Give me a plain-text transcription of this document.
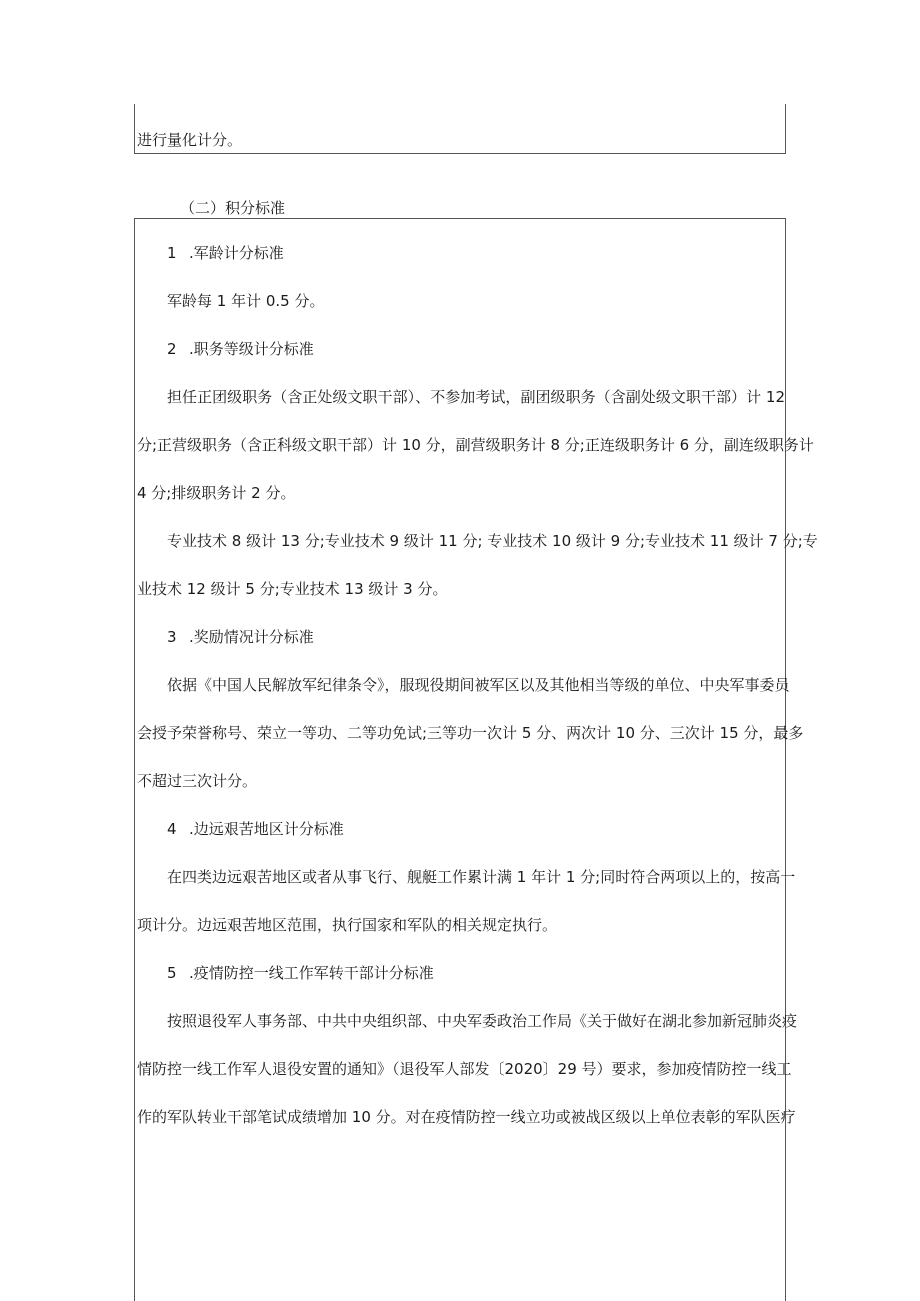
进行量化计分。
（二）积分标准
1 .军龄计分标准
军龄每 1 年计 0.5 分。
2 .职务等级计分标准
担任正团级职务（含正处级文职干部）、不参加考试，副团级职务（含副处级文职干部）计 12
分;正营级职务（含正科级文职干部）计 10 分，副营级职务计 8 分;正连级职务计 6 分，副连级职务计
4 分;排级职务计 2 分。
专业技术 8 级计 13 分;专业技术 9 级计 11 分; 专业技术 10 级计 9 分;专业技术 11 级计 7 分;专
业技术 12 级计 5 分;专业技术 13 级计 3 分。
3 .奖励情况计分标准
依据《中国人民解放军纪律条令》，服现役期间被军区以及其他相当等级的单位、中央军事委员
会授予荣誉称号、荣立一等功、二等功免试;三等功一次计 5 分、两次计 10 分、三次计 15 分，最多
不超过三次计分。
4 .边远艰苦地区计分标准
在四类边远艰苦地区或者从事飞行、舰艇工作累计满 1 年计 1 分;同时符合两项以上的，按高一
项计分。边远艰苦地区范围，执行国家和军队的相关规定执行。
5 .疫情防控一线工作军转干部计分标准
按照退役军人事务部、中共中央组织部、中央军委政治工作局《关于做好在湖北参加新冠肺炎疫
情防控一线工作军人退役安置的通知》（退役军人部发〔2020〕29 号）要求，参加疫情防控一线工
作的军队转业干部笔试成绩增加 10 分。对在疫情防控一线立功或被战区级以上单位表彰的军队医疗
